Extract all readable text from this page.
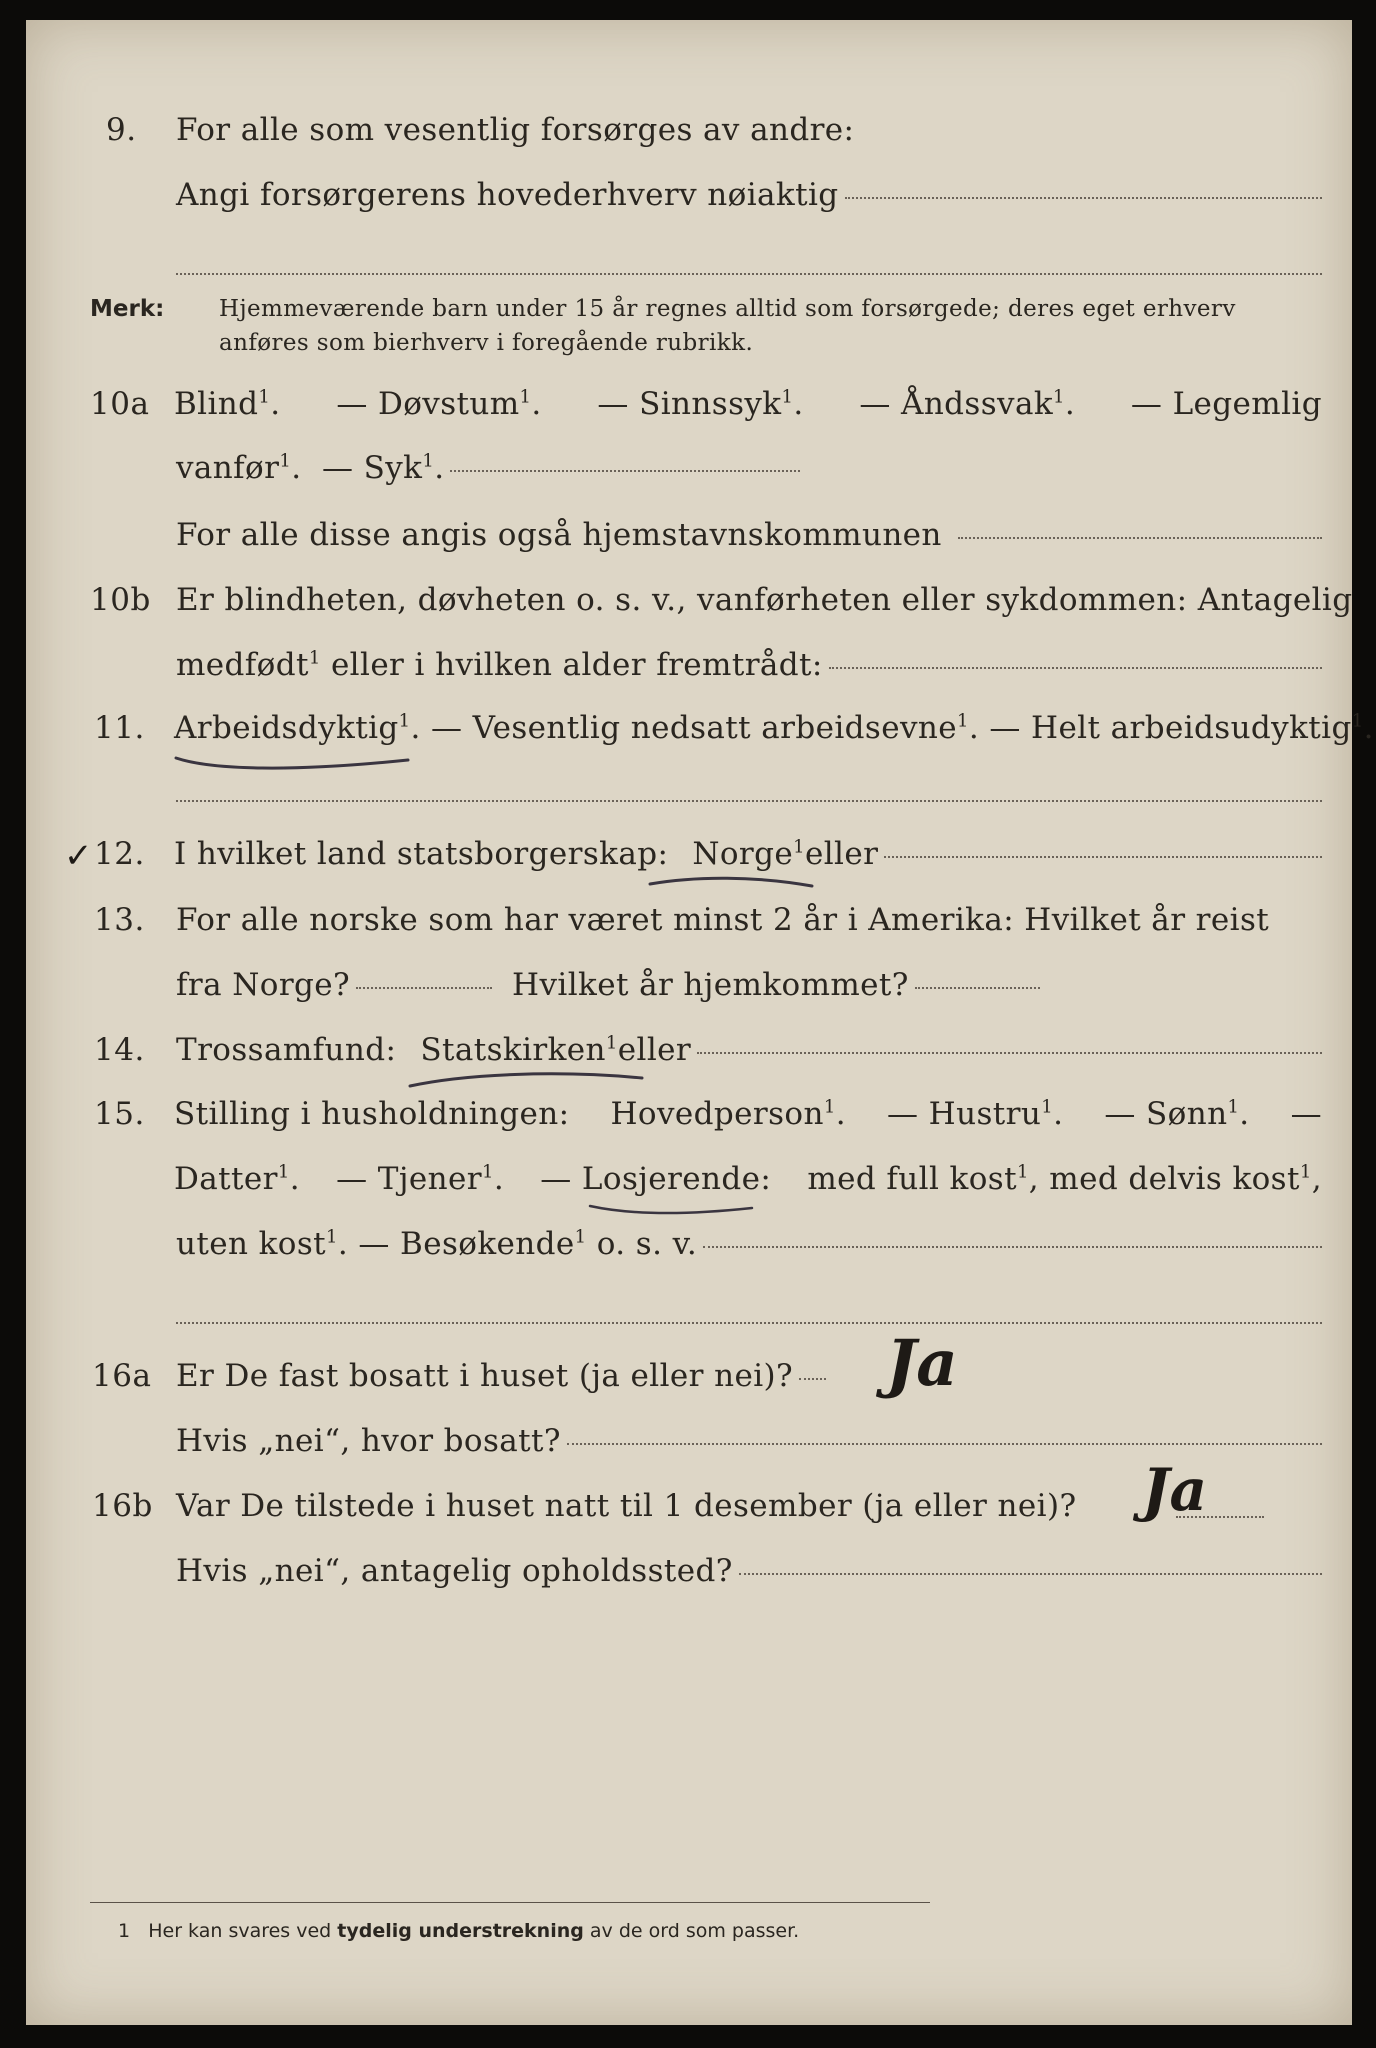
9. For alle som vesentlig forsørges av andre:
Angi forsørgerens hovederhverv nøiaktig
Merk: Hjemmeværende barn under 15 år regnes alltid som forsørgede; deres eget erhverv
anføres som bierhverv i foregående rubrikk.
10a Blind$^1$. — Døvstum$^1$. — Sinnssyk$^1$. — Åndssvak$^1$. — Legemlig
vanfør$^1$. — Syk$^1$.
For alle disse angis også hjemstavnskommunen
10b Er blindheten, døvheten o. s. v., vanførheten eller sykdommen: Antagelig
medfødt$^1$ eller i hvilken alder fremtrådt:
11. Arbeidsdyktig$^1$. — Vesentlig nedsatt arbeidsevne$^1$. — Helt arbeidsudyktig$^1$.
✓ 12. I hvilket land statsborgerskap: Norge$^1$ eller
13. For alle norske som har været minst 2 år i Amerika: Hvilket år reist
fra Norge?	Hvilket år hjemkommet?
14. Trossamfund: Statskirken$^1$ eller
15. Stilling i husholdningen: Hovedperson$^1$. — Hustru$^1$. — Sønn$^1$. —
Datter$^1$. — Tjener$^1$. — Losjerende: med full kost$^1$, med delvis kost$^1$,
uten kost$^1$. — Besøkende$^1$ o. s. v.
16a Er De fast bosatt i huset (ja eller nei)? Ja
Hvis „nei“, hvor bosatt?
16b Var De tilstede i huset natt til 1 desember (ja eller nei)? Ja
Hvis „nei“, antagelig opholdssted?
1 Her kan svares ved tydelig understrekning av de ord som passer.
